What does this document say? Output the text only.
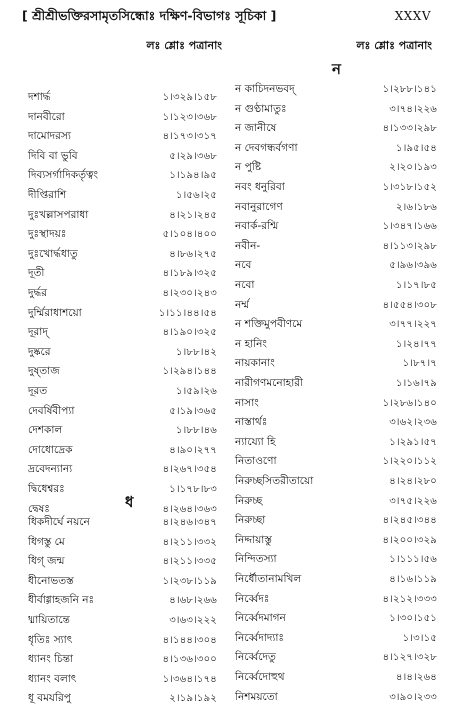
[ শ্রীশ্রীভক্তিরসামৃতসিন্ধোঃ দক্ষিণ-বিভাগঃ সূচিকা ]	XXXV
লঃ শ্লোঃ পত্রানাং	লঃ শ্লোঃ পত্রানাং
দশার্দ্ধ	১।৩২৯।১৫৮
দানবীরো	১।১২৩।৩৬৮
দামোদরস্য	৪।১৭৩।৩১৭
দিবি বা ভুবি	৫।২৯।৩৬৮
দিব্যসর্গাদিকর্তৃত্বং	১।১৯৪।৯৫
দীপ্তিরাশি	১।৫৬।২৫
দুঃখল্লাসপরাধা	৪।২১।২৪৫
দুঃস্থাদয়ঃ	৫।১০৪।৪০০
দুঃখোর্দ্ধধাতু	৪।৮৬।২৭৫
দূতী	৪।১৮৯।৩২৫
দুর্দ্ধর	৪।২৩০।২৪৩
দুর্ম্মিরাধাশয়ো	১।১১।৪৪।৫৪
দূরাদ্	৪।১৯০।৩২৫
দুষ্করে	১।৮৮।৪২
দুষ্তাজ	১।২৯৪।১৪৪
দূরত	১।৫৯।২৬
দেবর্ষিবীপ্যা	৫।১৯।৩৬৫
দেশকাল	১।৮৮।৪৬
দোধোদ্রেক	৪।৯০।২৭৭
দ্রবেদন্যান্য	৪।২৬৭।৩৫৪
দ্বিধেশ্বরঃ	১।১৭৮।৮৩
দ্বেষঃ	৪।২৬৪।৩৬৩
ধিকদীর্ঘে নয়নে	৪।২৪৬।৩৪৭
ধিগস্তু মে	৪।২১১।৩৩২
ধিগ্ জন্ম	৪।২১১।৩৩৫
ধীনোভতস্ত	১।২৩৮।১১৯
ধীর্বাগ্গাহজনি নঃ	৪।৬৮।২৬৬
ধ্মায়িতান্তে	৩।৬৩।২২২
ধৃতিঃ স্যাৎ	৪।১৪৪।৩০৪
ধ্যানং চিন্তা	৪।১৩৬।৩০০
ধ্যানং বলাৎ	১।৩৬৪।১৭৪
ধূ বমযরিপু	২।১৯।১৯২
ধ
ন
ন কাচিদনভবদ্	১।২৮৮।১৪১
ন গুণ্ঠামাতুঃ	৩।৭৪।২২৬
ন জানীষে	৪।১৩৩।২৯৮
ন দেবগন্ধর্বগণা	১।৯৫।৫৪
ন পুষ্টি	২।২০।১৯৩
নবং ধনুরিবা	১।৩১৮।১৫২
নবানুরাগেণ	২।৬।১৮৬
নবার্ক-রশ্মি	১।৩৪৭।১৬৬
নবীন-	৪।১১৩।২৯৮
নবে	৫।৯৬।৩৯৬
নবো	১।১৭।৮৫
নর্ম্ম	৪।৫৫৪।৩০৮
ন শক্তিমুপবীণমে	৩।৭৭।২২৭
ন হানিং	১।২৪।৭৭
নায়কানাং	১।৮৭।৭
নারীগণমনোহারী	১।১৬।৭৯
নাসাং	১।২৮৬।১৪০
নাস্তার্থঃ	৩।৬২।২৩৬
ন্যায্যো হি	১।২৯১।৫৭
নিতাওণো	১।২২০।১১২
নিরুচ্ছসিতরীতায়ো	৪।২৪।২৮০
নিরুচ্ছ	৩।৭৫।২২৬
নিরুচ্ছা	৪।২৪৫।৩৪৪
নিদ্দায়াস্তু	৪।২০০।৩২৯
নিন্দিতস্যা	১।১১১।৫৬
নির্ধৌতানামখিল	৪।১৬।১১৯
নির্ব্বেদঃ	৪।২১২।৩৩৩
নির্ব্বেদমাগন	১।৩০।১৫১
নির্ব্বেদাদ্যাঃ	১।৩।১৫
নির্ব্বেদেতু	৪।১২৭।৩২৮
নির্ব্বেদোহুথ	৪।৪।২৬৪
নিশময়তো	৩।৯০।২৩৩
